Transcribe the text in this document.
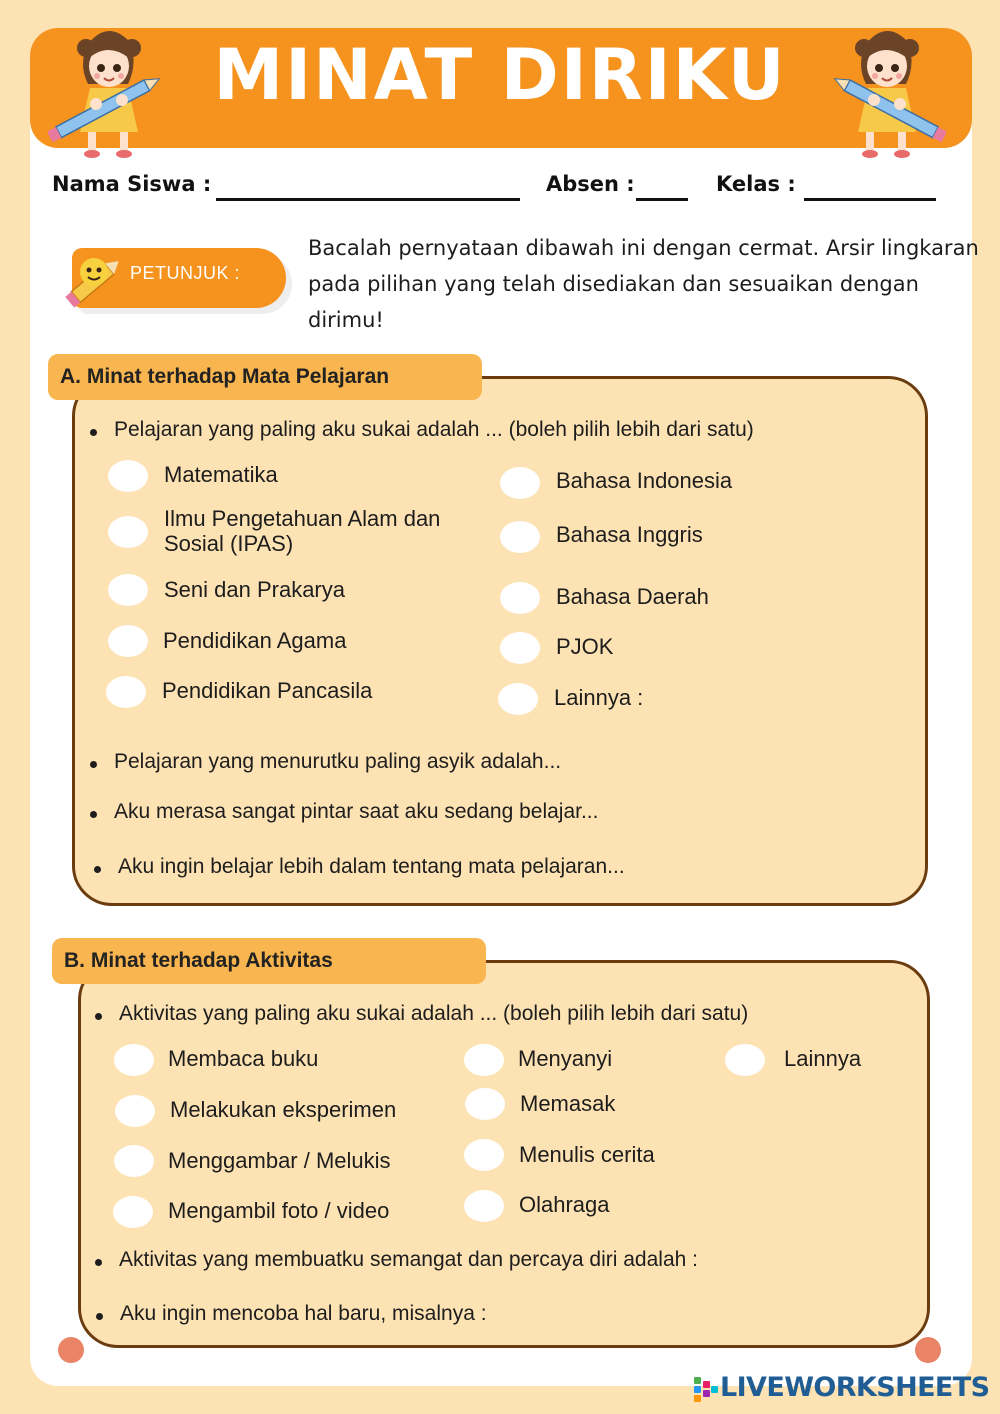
MINAT DIRIKU
Nama Siswa :	Absen :	Kelas :
PETUNJUK :
Bacalah pernyataan dibawah ini dengan cermat. Arsir lingkaran pada pilihan yang telah disediakan dan sesuaikan dengan dirimu!
A. Minat terhadap Mata Pelajaran
Pelajaran yang paling aku sukai adalah ... (boleh pilih lebih dari satu)
Matematika
Ilmu Pengetahuan Alam dan Sosial (IPAS)
Seni dan Prakarya
Pendidikan Agama
Pendidikan Pancasila
Bahasa Indonesia
Bahasa Inggris
Bahasa Daerah
PJOK
Lainnya :
Pelajaran yang menurutku paling asyik adalah...
Aku merasa sangat pintar saat aku sedang belajar...
Aku ingin belajar lebih dalam tentang mata pelajaran...
B. Minat terhadap Aktivitas
Aktivitas yang paling aku sukai adalah ... (boleh pilih lebih dari satu)
Membaca buku
Melakukan eksperimen
Menggambar / Melukis
Mengambil foto / video
Menyanyi
Memasak
Menulis cerita
Olahraga
Lainnya
Aktivitas yang membuatku semangat dan percaya diri adalah :
Aku ingin mencoba hal baru, misalnya :
LIVEWORKSHEETS
